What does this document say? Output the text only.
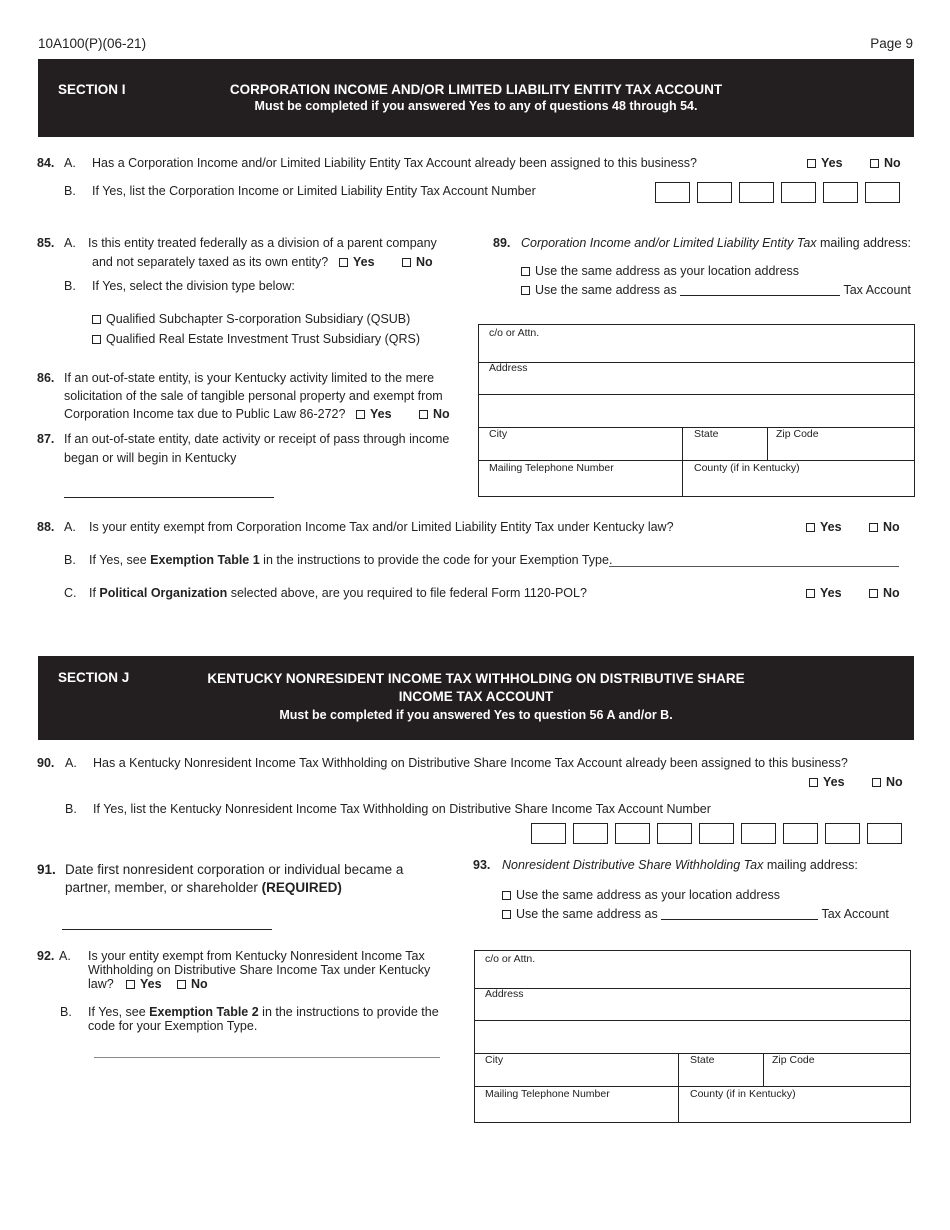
10A100(P)(06-21)	Page 9
SECTION I	CORPORATION INCOME AND/OR LIMITED LIABILITY ENTITY TAX ACCOUNT
Must be completed if you answered Yes to any of questions 48 through 54.
84. A. Has a Corporation Income and/or Limited Liability Entity Tax Account already been assigned to this business?	Yes	No
B. If Yes, list the Corporation Income or Limited Liability Entity Tax Account Number
85. A. Is this entity treated federally as a division of a parent company
and not separately taxed as its own entity?	Yes	No
B. If Yes, select the division type below:
Qualified Subchapter S-corporation Subsidiary (QSUB)
Qualified Real Estate Investment Trust Subsidiary (QRS)
86. If an out-of-state entity, is your Kentucky activity limited to the mere
solicitation of the sale of tangible personal property and exempt from
Corporation Income tax due to Public Law 86-272?	Yes	No
87. If an out-of-state entity, date activity or receipt of pass through income
began or will begin in Kentucky
89. Corporation Income and/or Limited Liability Entity Tax mailing address:
Use the same address as your location address
Use the same address as	Tax Account
c/o or Attn.
Address
City	State	Zip Code
Mailing Telephone Number	County (if in Kentucky)
88. A. Is your entity exempt from Corporation Income Tax and/or Limited Liability Entity Tax under Kentucky law?	Yes	No
B. If Yes, see Exemption Table 1 in the instructions to provide the code for your Exemption Type.
C. If Political Organization selected above, are you required to file federal Form 1120-POL?	Yes	No
SECTION J	KENTUCKY NONRESIDENT INCOME TAX WITHHOLDING ON DISTRIBUTIVE SHARE
INCOME TAX ACCOUNT
Must be completed if you answered Yes to question 56 A and/or B.
90. A. Has a Kentucky Nonresident Income Tax Withholding on Distributive Share Income Tax Account already been assigned to this business?
Yes	No
B. If Yes, list the Kentucky Nonresident Income Tax Withholding on Distributive Share Income Tax Account Number
91. Date first nonresident corporation or individual became a
partner, member, or shareholder (REQUIRED)
92. A. Is your entity exempt from Kentucky Nonresident Income Tax
Withholding on Distributive Share Income Tax under Kentucky
law?	Yes	No
B. If Yes, see Exemption Table 2 in the instructions to provide the
code for your Exemption Type.
93. Nonresident Distributive Share Withholding Tax mailing address:
Use the same address as your location address
Use the same address as	Tax Account
c/o or Attn.
Address
City	State	Zip Code
Mailing Telephone Number	County (if in Kentucky)
